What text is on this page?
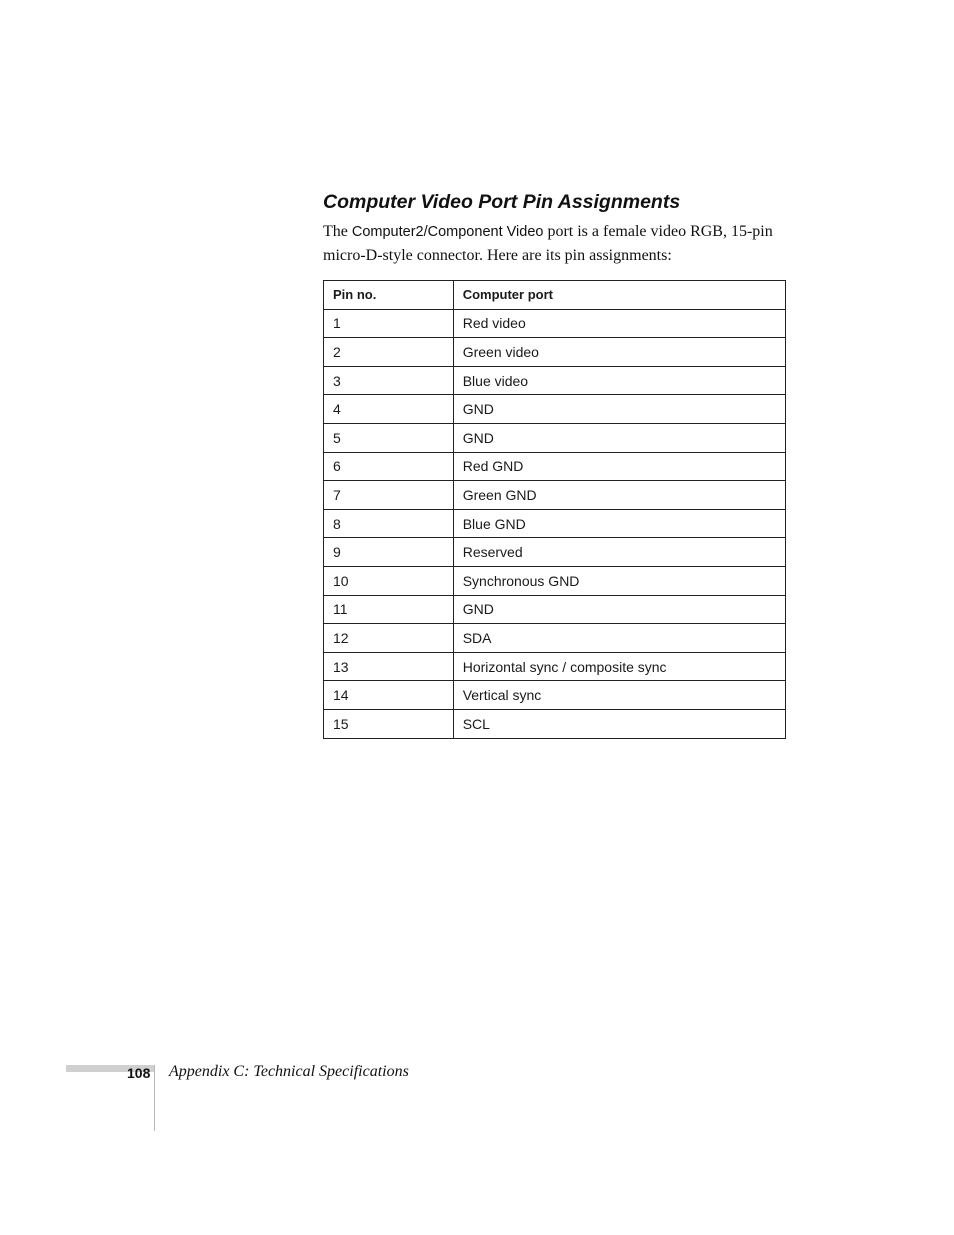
Computer Video Port Pin Assignments

The Computer2/Component Video port is a female video RGB, 15-pin micro-D-style connector. Here are its pin assignments:

Pin no.	Computer port
1	Red video
2	Green video
3	Blue video
4	GND
5	GND
6	Red GND
7	Green GND
8	Blue GND
9	Reserved
10	Synchronous GND
11	GND
12	SDA
13	Horizontal sync / composite sync
14	Vertical sync
15	SCL
108 Appendix C: Technical Specifications
